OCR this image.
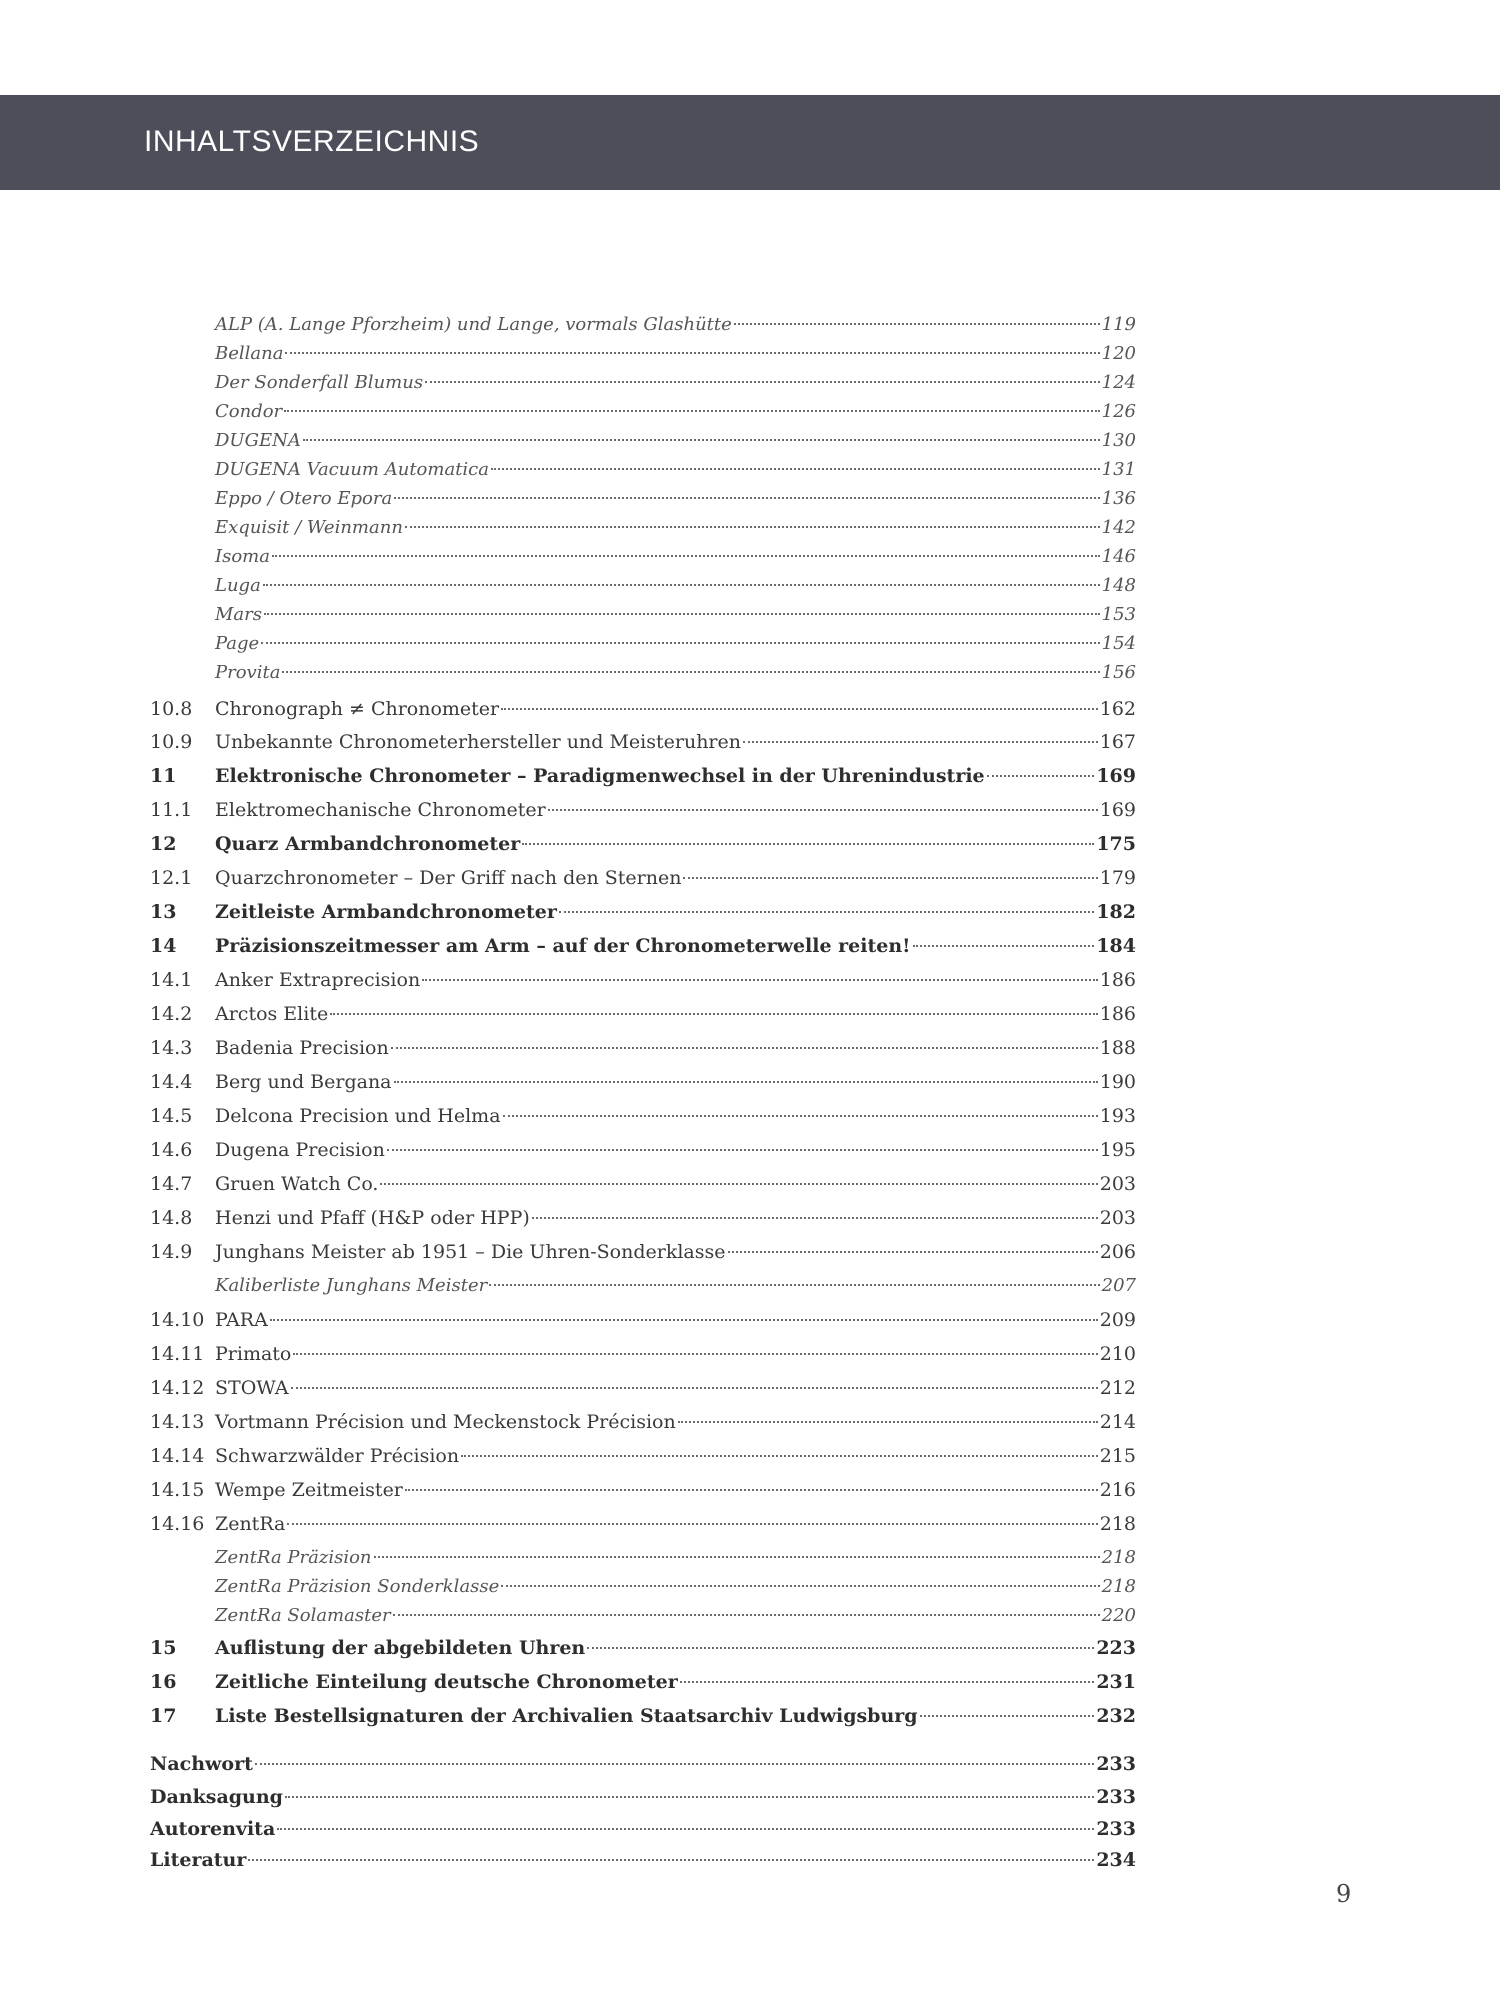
INHALTSVERZEICHNIS
ALP (A. Lange Pforzheim) und Lange, vormals Glashütte	119
Bellana	120
Der Sonderfall Blumus	124
Condor	126
DUGENA	130
DUGENA Vacuum Automatica	131
Eppo / Otero Epora	136
Exquisit / Weinmann	142
Isoma	146
Luga	148
Mars	153
Page	154
Provita	156
10.8	Chronograph ≠ Chronometer	162
10.9	Unbekannte Chronometerhersteller und Meisteruhren	167
11	Elektronische Chronometer – Paradigmenwechsel in der Uhrenindustrie	169
11.1	Elektromechanische Chronometer	169
12	Quarz Armbandchronometer	175
12.1	Quarzchronometer – Der Griff nach den Sternen	179
13	Zeitleiste Armbandchronometer	182
14	Präzisionszeitmesser am Arm – auf der Chronometerwelle reiten!	184
14.1	Anker Extraprecision	186
14.2	Arctos Elite	186
14.3	Badenia Precision	188
14.4	Berg und Bergana	190
14.5	Delcona Precision und Helma	193
14.6	Dugena Precision	195
14.7	Gruen Watch Co.	203
14.8	Henzi und Pfaff (H&P oder HPP)	203
14.9	Junghans Meister ab 1951 – Die Uhren-Sonderklasse	206
Kaliberliste Junghans Meister	207
14.10 PARA	209
14.11 Primato	210
14.12 STOWA	212
14.13 Vortmann Précision und Meckenstock Précision	214
14.14 Schwarzwälder Précision	215
14.15 Wempe Zeitmeister	216
14.16 ZentRa	218
ZentRa Präzision	218
ZentRa Präzision Sonderklasse	218
ZentRa Solamaster	220
15	Auflistung der abgebildeten Uhren	223
16	Zeitliche Einteilung deutsche Chronometer	231
17	Liste Bestellsignaturen der Archivalien Staatsarchiv Ludwigsburg	232
Nachwort	233
Danksagung	233
Autorenvita	233
Literatur	234
9
